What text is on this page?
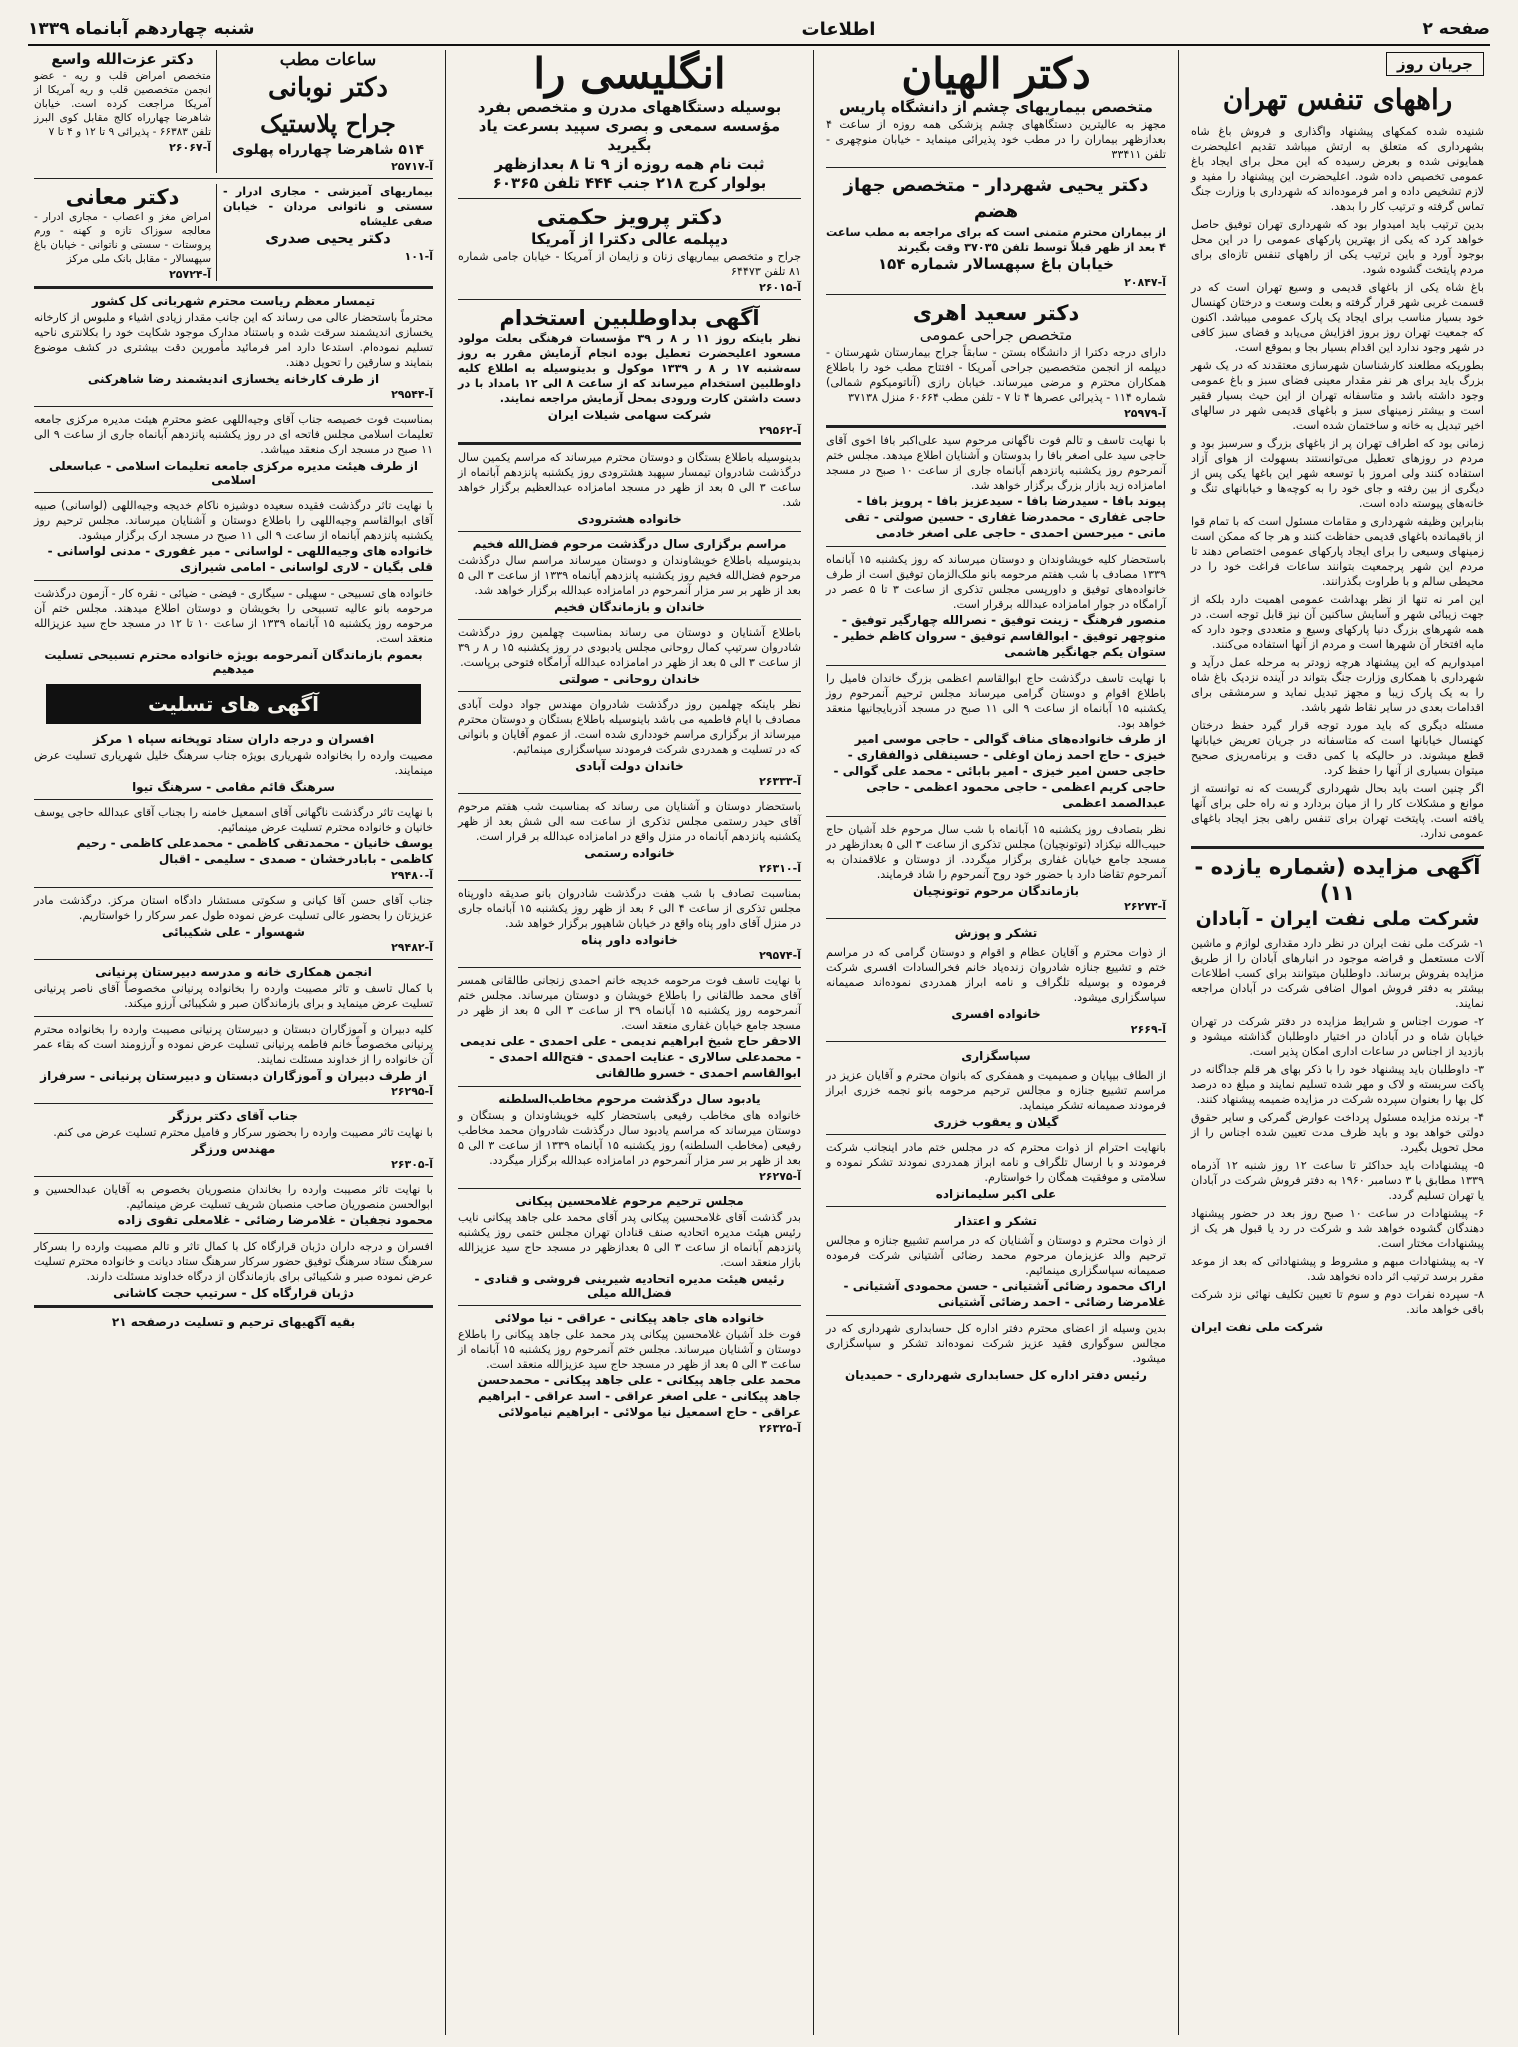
صفحه ۲
اطلاعات
شنبه چهاردهم آبانماه ۱۳۳۹
جریان روز
راههای تنفس تهران

شنیده شده کمکهای پیشنهاد واگذاری و فروش باغ شاه بشهرداری که متعلق به ارتش میباشد تقدیم اعلیحضرت همایونی شده و بعرض رسیده که این محل برای ایجاد باغ عمومی تخصیص داده شود. اعلیحضرت این پیشنهاد را مفید و لازم تشخیص داده و امر فرموده‌اند که شهرداری با وزارت جنگ تماس گرفته و ترتیب کار را بدهد.

بدین ترتیب باید امیدوار بود که شهرداری تهران توفیق حاصل خواهد کرد که یکی از بهترین پارکهای عمومی را در این محل بوجود آورد و باین ترتیب یکی از راههای تنفس تازه‌ای برای مردم پایتخت گشوده شود.

باغ شاه یکی از باغهای قدیمی و وسیع تهران است که در قسمت غربی شهر قرار گرفته و بعلت وسعت و درختان کهنسال خود بسیار مناسب برای ایجاد یک پارک عمومی میباشد. اکنون که جمعیت تهران روز بروز افزایش می‌یابد و فضای سبز کافی در شهر وجود ندارد این اقدام بسیار بجا و بموقع است.

بطوریکه مطلعند کارشناسان شهرسازی معتقدند که در یک شهر بزرگ باید برای هر نفر مقدار معینی فضای سبز و باغ عمومی وجود داشته باشد و متاسفانه تهران از این حیث بسیار فقیر است و بیشتر زمینهای سبز و باغهای قدیمی شهر در سالهای اخیر تبدیل به خانه و ساختمان شده است.

زمانی بود که اطراف تهران پر از باغهای بزرگ و سرسبز بود و مردم در روزهای تعطیل می‌توانستند بسهولت از هوای آزاد استفاده کنند ولی امروز با توسعه شهر این باغها یکی پس از دیگری از بین رفته و جای خود را به کوچه‌ها و خیابانهای تنگ و خانه‌های پیوسته داده است.

بنابراین وظیفه شهرداری و مقامات مسئول است که با تمام قوا از باقیمانده باغهای قدیمی حفاظت کنند و هر جا که ممکن است زمینهای وسیعی را برای ایجاد پارکهای عمومی اختصاص دهند تا مردم این شهر پرجمعیت بتوانند ساعات فراغت خود را در محیطی سالم و با طراوت بگذرانند.

این امر نه تنها از نظر بهداشت عمومی اهمیت دارد بلکه از جهت زیبائی شهر و آسایش ساکنین آن نیز قابل توجه است. در همه شهرهای بزرگ دنیا پارکهای وسیع و متعددی وجود دارد که مایه افتخار آن شهرها است و مردم از آنها استفاده می‌کنند.

امیدواریم که این پیشنهاد هرچه زودتر به مرحله عمل درآید و شهرداری با همکاری وزارت جنگ بتواند در آینده نزدیک باغ شاه را به یک پارک زیبا و مجهز تبدیل نماید و سرمشقی برای اقدامات بعدی در سایر نقاط شهر باشد.

مسئله دیگری که باید مورد توجه قرار گیرد حفظ درختان کهنسال خیابانها است که متاسفانه در جریان تعریض خیابانها قطع میشوند. در حالیکه با کمی دقت و برنامه‌ریزی صحیح میتوان بسیاری از آنها را حفظ کرد.

اگر چنین است باید بحال شهرداری گریست که نه توانسته از موانع و مشکلات کار را از میان بردارد و نه راه حلی برای آنها یافته است. پایتخت تهران برای تنفس راهی بجز ایجاد باغهای عمومی ندارد.

آگهی مزایده (شماره یازده - ۱۱)
شرکت ملی نفت ایران - آبادان

۱- شرکت ملی نفت ایران در نظر دارد مقداری لوازم و ماشین آلات مستعمل و قراضه موجود در انبارهای آبادان را از طریق مزایده بفروش برساند. داوطلبان میتوانند برای کسب اطلاعات بیشتر به دفتر فروش اموال اضافی شرکت در آبادان مراجعه نمایند.

۲- صورت اجناس و شرایط مزایده در دفتر شرکت در تهران خیابان شاه و در آبادان در اختیار داوطلبان گذاشته میشود و بازدید از اجناس در ساعات اداری امکان پذیر است.

۳- داوطلبان باید پیشنهاد خود را با ذکر بهای هر قلم جداگانه در پاکت سربسته و لاک و مهر شده تسلیم نمایند و مبلغ ده درصد کل بها را بعنوان سپرده شرکت در مزایده ضمیمه پیشنهاد کنند.

۴- برنده مزایده مسئول پرداخت عوارض گمرکی و سایر حقوق دولتی خواهد بود و باید ظرف مدت تعیین شده اجناس را از محل تحویل بگیرد.

۵- پیشنهادات باید حداکثر تا ساعت ۱۲ روز شنبه ۱۲ آذرماه ۱۳۳۹ مطابق با ۳ دسامبر ۱۹۶۰ به دفتر فروش شرکت در آبادان یا تهران تسلیم گردد.

۶- پیشنهادات در ساعت ۱۰ صبح روز بعد در حضور پیشنهاد دهندگان گشوده خواهد شد و شرکت در رد یا قبول هر یک از پیشنهادات مختار است.

۷- به پیشنهادات مبهم و مشروط و پیشنهاداتی که بعد از موعد مقرر برسد ترتیب اثر داده نخواهد شد.

۸- سپرده نفرات دوم و سوم تا تعیین تکلیف نهائی نزد شرکت باقی خواهد ماند.

شرکت ملی نفت ایران
دکتر الهیان
متخصص بیماریهای چشم از دانشگاه پاریس
مجهز به عالیترین دستگاههای چشم پزشکی همه روزه از ساعت ۴ بعدازظهر بیماران را در مطب خود پذیرائی مینماید - خیابان منوچهری - تلفن ۳۳۴۱۱
دکتر یحیی شهردار - متخصص جهاز هضم
از بیماران محترم متمنی است که برای مراجعه به مطب ساعت ۴ بعد از ظهر قبلاً توسط تلفن ۳۷۰۳۵ وقت بگیرند
خیابان باغ سپهسالار شماره ۱۵۴
آ-۲۰۸۴۷
دکتر سعید اهری
متخصص جراحی عمومی
دارای درجه دکترا از دانشگاه بستن - سابقاً جراح بیمارستان شهرستان - دیپلمه از انجمن متخصصین جراحی آمریکا - افتتاح مطب خود را باطلاع همکاران محترم و مرضی میرساند. خیابان رازی (آناتومیکوم شمالی) شماره ۱۱۴ - پذیرائی عصرها ۴ تا ۷ - تلفن مطب ۶۰۶۶۴ منزل ۳۷۱۳۸
آ-۲۵۹۷۹
با نهایت تاسف و تالم فوت ناگهانی مرحوم سید علی‌اکبر بافا اخوی آقای حاجی سید علی اصغر بافا را بدوستان و آشنایان اطلاع میدهد. مجلس ختم آنمرحوم روز یکشنبه پانزدهم آبانماه جاری از ساعت ۱۰ صبح در مسجد امامزاده زید بازار بزرگ برگزار خواهد شد.
پیوند بافا - سیدرضا بافا - سیدعزیز بافا - پرویز بافا - حاجی غفاری - محمدرضا غفاری - حسین صولتی - تقی مانی - میرحسن احمدی - حاجی علی اصغر خادمی
باستحضار کلیه خویشاوندان و دوستان میرساند که روز یکشنبه ۱۵ آبانماه ۱۳۳۹ مصادف با شب هفتم مرحومه بانو ملک‌الزمان توفیق است از طرف خانواده‌های توفیق و داورپسی مجلس تذکری از ساعت ۳ تا ۵ عصر در آرامگاه در جوار امامزاده عبدالله برقرار است.
منصور فرهنگ - زینت توفیق - نصرالله چهارگیر توفیق - منوچهر توفیق - ابوالقاسم توفیق - سروان کاظم خطیر - ستوان یکم جهانگیر هاشمی
با نهایت تاسف درگذشت حاج ابوالقاسم اعظمی بزرگ خاندان فامیل را باطلاع اقوام و دوستان گرامی میرساند مجلس ترحیم آنمرحوم روز یکشنبه ۱۵ آبانماه از ساعت ۹ الی ۱۱ صبح در مسجد آذربایجانیها منعقد خواهد بود.
از طرف خانواده‌های مناف گوالی - حاجی موسی امیر خیزی - حاج احمد زمان اوغلی - حسینقلی ذوالفقاری - حاجی حسن امیر خیزی - امیر بابائی - محمد علی گوالی - حاجی کریم اعظمی - حاجی محمود اعظمی - حاجی عبدالصمد اعظمی
نظر بتصادف روز یکشنبه ۱۵ آبانماه با شب سال مرحوم خلد آشیان حاج حبیب‌الله نیکزاد (توتونچیان) مجلس تذکری از ساعت ۳ الی ۵ بعدازظهر در مسجد جامع خیابان غفاری برگزار میگردد. از دوستان و علاقمندان به آنمرحوم تقاضا دارد با حضور خود روح آنمرحوم را شاد فرمایند.
بازماندگان مرحوم توتونچیان
آ-۲۶۲۷۳
تشکر و پوزش
از ذوات محترم و آقایان عظام و اقوام و دوستان گرامی که در مراسم ختم و تشییع جنازه شادروان زنده‌یاد خانم فخرالسادات افسری شرکت فرموده و بوسیله تلگراف و نامه ابراز همدردی نموده‌اند صمیمانه سپاسگزاری میشود.
خانواده افسری
آ-۲۶۶۹
سپاسگزاری
از الطاف بیپایان و صمیمیت و همفکری که بانوان محترم و آقایان عزیز در مراسم تشییع جنازه و مجالس ترحیم مرحومه بانو نجمه خزری ابراز فرمودند صمیمانه تشکر مینماید.
گیلان و یعقوب خزری
بانهایت احترام از ذوات محترم که در مجلس ختم مادر اینجانب شرکت فرمودند و با ارسال تلگراف و نامه ابراز همدردی نمودند تشکر نموده و سلامتی و موفقیت همگان را خواستارم.
علی اکبر سلیمانزاده
تشکر و اعتذار
از ذوات محترم و دوستان و آشنایان که در مراسم تشییع جنازه و مجالس ترحیم والد عزیزمان مرحوم محمد رضائی آشتیانی شرکت فرموده صمیمانه سپاسگزاری مینمائیم.
اراک محمود رضائی آشتیانی - حسن محمودی آشتیانی - غلامرضا رضائی - احمد رضائی آشتیانی
بدین وسیله از اعضای محترم دفتر اداره کل حسابداری شهرداری که در مجالس سوگواری فقید عزیز شرکت نموده‌اند تشکر و سپاسگزاری میشود.
رئیس دفتر اداره کل حسابداری شهرداری - حمیدیان
انگلیسی را
بوسیله دستگاههای مدرن و متخصص بفرد
مؤسسه سمعی و بصری سپید بسرعت یاد بگیرید
ثبت نام همه روزه از ۹ تا ۸ بعدازظهر
بولوار کرج ۲۱۸ جنب ۴۴۴ تلفن ۶۰۳۶۵
دکتر پرویز حکمتی
دیپلمه عالی دکترا از آمریکا
جراح و متخصص بیماریهای زنان و زایمان از آمریکا - خیابان جامی شماره ۸۱ تلفن ۶۴۴۷۳
آ-۲۶۰۱۵
آگهی بداوطلبین استخدام
نظر باینکه روز ۱۱ ر ۸ ر ۳۹ مؤسسات فرهنگی بعلت مولود مسعود اعلیحضرت تعطیل بوده انجام آزمایش مقرر به روز سه‌شنبه ۱۷ ر ۸ ر ۱۳۳۹ موکول و بدینوسیله به اطلاع کلیه داوطلبین استخدام میرساند که از ساعت ۸ الی ۱۲ بامداد با در دست داشتن کارت ورودی بمحل آزمایش مراجعه نمایند.
شرکت سهامی شیلات ایران
آ-۲۹۵۶۲
بدینوسیله باطلاع بستگان و دوستان محترم میرساند که مراسم یکمین سال درگذشت شادروان تیمسار سپهبد هشترودی روز یکشنبه پانزدهم آبانماه از ساعت ۳ الی ۵ بعد از ظهر در مسجد امامزاده عبدالعظیم برگزار خواهد شد.
خانواده هشترودی
مراسم برگزاری سال درگذشت مرحوم فضل‌الله فخیم
بدینوسیله باطلاع خویشاوندان و دوستان میرساند مراسم سال درگذشت مرحوم فضل‌الله فخیم روز یکشنبه پانزدهم آبانماه ۱۳۳۹ از ساعت ۳ الی ۵ بعد از ظهر بر سر مزار آنمرحوم در امامزاده عبدالله برگزار خواهد شد.
خاندان و بازماندگان فخیم
باطلاع آشنایان و دوستان می رساند بمناسبت چهلمین روز درگذشت شادروان سرتیپ کمال روحانی مجلس یادبودی در روز یکشنبه ۱۵ ر ۸ ر ۳۹ از ساعت ۳ الی ۵ بعد از ظهر در امامزاده عبدالله آرامگاه فتوحی برپاست.
خاندان روحانی - صولتی
نظر باینکه چهلمین روز درگذشت شادروان مهندس جواد دولت آبادی مصادف با ایام فاطمیه می باشد باینوسیله باطلاع بستگان و دوستان محترم میرساند از برگزاری مراسم خودداری شده است. از عموم آقایان و بانوانی که در تسلیت و همدردی شرکت فرمودند سپاسگزاری مینمائیم.
خاندان دولت آبادی
آ-۲۶۳۳۳
باستحضار دوستان و آشنایان می رساند که بمناسبت شب هفتم مرحوم آقای حیدر رستمی مجلس تذکری از ساعت سه الی شش بعد از ظهر یکشنبه پانزدهم آبانماه در منزل واقع در امامزاده عبدالله بر قرار است.
خانواده رستمی
آ-۲۶۳۱۰
بمناسبت تصادف با شب هفت درگذشت شادروان بانو صدیقه داورپناه مجلس تذکری از ساعت ۴ الی ۶ بعد از ظهر روز یکشنبه ۱۵ آبانماه جاری در منزل آقای داور پناه واقع در خیابان شاهپور برگزار خواهد شد.
خانواده داور پناه
آ-۲۹۵۷۴
با نهایت تاسف فوت مرحومه خدیجه خانم احمدی زنجانی طالقانی همسر آقای محمد طالقانی را باطلاع خویشان و دوستان میرساند. مجلس ختم آنمرحومه روز یکشنبه ۱۵ آبانماه ۳۹ از ساعت ۳ الی ۵ بعد از ظهر در مسجد جامع خیابان غفاری منعقد است.
الاحقر حاج شیخ ابراهیم ندیمی - علی احمدی - علی ندیمی - محمدعلی سالاری - عنایت احمدی - فتح‌الله احمدی - ابوالقاسم احمدی - خسرو طالقانی
یادبود سال درگذشت مرحوم مخاطب‌السلطنه
خانواده های مخاطب رفیعی باستحضار کلیه خویشاوندان و بستگان و دوستان میرساند که مراسم یادبود سال درگذشت شادروان محمد مخاطب رفیعی (مخاطب السلطنه) روز یکشنبه ۱۵ آبانماه ۱۳۳۹ از ساعت ۳ الی ۵ بعد از ظهر بر سر مزار آنمرحوم در امامزاده عبدالله برگزار میگردد.
آ-۲۶۲۷۵
مجلس ترحیم مرحوم غلامحسین پیکانی
بدر گذشت آقای غلامحسین پیکانی پدر آقای محمد علی جاهد پیکانی نایب رئیس هیئت مدیره اتحادیه صنف قنادان تهران مجلس ختمی روز یکشنبه پانزدهم آبانماه از ساعت ۳ الی ۵ بعدازظهر در مسجد حاج سید عزیزالله بازار منعقد است.
رئیس هیئت مدیره اتحادیه شیرینی فروشی و قنادی - فضل‌الله میلی
خانواده های جاهد پیکانی - عراقی - نیا مولائی
فوت خلد آشیان غلامحسین پیکانی پدر محمد علی جاهد پیکانی را باطلاع دوستان و آشنایان میرساند. مجلس ختم آنمرحوم روز یکشنبه ۱۵ آبانماه از ساعت ۳ الی ۵ بعد از ظهر در مسجد حاج سید عزیزالله منعقد است.
محمد علی جاهد پیکانی - علی جاهد پیکانی - محمدحسن جاهد پیکانی - علی اصغر عراقی - اسد عراقی - ابراهیم عراقی - حاج اسمعیل نیا مولائی - ابراهیم نیامولائی
آ-۲۶۳۲۵
ساعات مطب
دکتر نوبانی
جراح پلاستیک
۵۱۴ شاهرضا چهارراه پهلوی
آ-۲۵۷۱۷
دکتر عزت‌الله واسع
متخصص امراض قلب و ریه - عضو انجمن متخصصین قلب و ریه آمریکا از آمریکا مراجعت کرده است. خیابان شاهرضا چهارراه کالج مقابل کوی البرز تلفن ۶۶۳۸۳ - پذیرائی ۹ تا ۱۲ و ۴ تا ۷
آ-۲۶۰۶۷
بیماریهای آمیزشی - مجاری ادرار - سستی و ناتوانی مردان - خیابان صفی علیشاه
دکتر یحیی صدری
آ-۱۰۱
دکتر معانی
امراض مغز و اعصاب - مجاری ادرار - معالجه سوزاک تازه و کهنه - ورم پروستات - سستی و ناتوانی - خیابان باغ سپهسالار - مقابل بانک ملی مرکز
آ-۲۵۷۲۴
تیمسار معظم ریاست محترم شهربانی کل کشور
محترماً باستحضار عالی می رساند که این جانب مقدار زیادی اشیاء و ملبوس از کارخانه یخسازی اندیشمند سرقت شده و باستناد مدارک موجود شکایت خود را بکلانتری ناحیه تسلیم نموده‌ام. استدعا دارد امر فرمائید مأمورین دقت بیشتری در کشف موضوع بنمایند و سارقین را تحویل دهند.
از طرف کارخانه یخسازی اندیشمند رضا شاهرکنی
آ-۲۹۵۴۴
بمناسبت فوت خصیصه جناب آقای وجیه‌اللهی عضو محترم هیئت مدیره مرکزی جامعه تعلیمات اسلامی مجلس فاتحه ای در روز یکشنبه پانزدهم آبانماه جاری از ساعت ۹ الی ۱۱ صبح در مسجد ارک منعقد میباشد.
از طرف هیئت مدیره مرکزی جامعه تعلیمات اسلامی - عباسعلی اسلامی
با نهایت تاثر درگذشت فقیده سعیده دوشیزه ناکام خدیجه وجیه‌اللهی (لواسانی) صبیه آقای ابوالقاسم وجیه‌اللهی را باطلاع دوستان و آشنایان میرساند. مجلس ترحیم روز یکشنبه پانزدهم آبانماه از ساعت ۹ الی ۱۱ صبح در مسجد ارک برگزار میشود.
خانواده های وجیه‌اللهی - لواسانی - میر غفوری - مدنی لواسانی - قلی بگیان - لاری لواسانی - امامی شیرازی
خانواده های تسبیحی - سهیلی - سیگاری - فیضی - ضیائی - نقره کار - آزمون درگذشت مرحومه بانو عالیه تسبیحی را بخویشان و دوستان اطلاع میدهند. مجلس ختم آن مرحومه روز یکشنبه ۱۵ آبانماه ۱۳۳۹ از ساعت ۱۰ تا ۱۲ در مسجد حاج سید عزیزالله منعقد است.
بعموم بازماندگان آنمرحومه بویژه خانواده محترم تسبیحی تسلیت میدهیم
آگهی های تسلیت
افسران و درجه داران ستاد توپخانه سپاه ۱ مرکز
مصیبت وارده را بخانواده شهریاری بویژه جناب سرهنگ خلیل شهریاری تسلیت عرض مینمایند.
سرهنگ قائم مقامی - سرهنگ تیوا
با نهایت تاثر درگذشت ناگهانی آقای اسمعیل خامنه را بجناب آقای عبدالله حاجی یوسف خانیان و خانواده محترم تسلیت عرض مینمائیم.
یوسف خانیان - محمدتقی کاظمی - محمدعلی کاظمی - رحیم کاظمی - بابادرخشان - صمدی - سلیمی - اقبال
آ-۲۹۴۸۰
جناب آقای حسن آقا کیانی و سکوتی مستشار دادگاه استان مرکز. درگذشت مادر عزیزتان را بحضور عالی تسلیت عرض نموده طول عمر سرکار را خواستاریم.
شهسوار - علی شکیبائی
آ-۲۹۴۸۲
انجمن همکاری خانه و مدرسه دبیرستان پرنیانی
با کمال تاسف و تاثر مصیبت وارده را بخانواده پرنیانی مخصوصاً آقای ناصر پرنیانی تسلیت عرض مینماید و برای بازماندگان صبر و شکیبائی آرزو میکند.
کلیه دبیران و آموزگاران دبستان و دبیرستان پرنیانی مصیبت وارده را بخانواده محترم پرنیانی مخصوصاً خانم فاطمه پرنیانی تسلیت عرض نموده و آرزومند است که بقاء عمر آن خانواده را از خداوند مسئلت نمایند.
از طرف دبیران و آموزگاران دبستان و دبیرستان پرنیانی - سرفراز
آ-۲۶۲۹۵
جناب آقای دکتر برزگر
با نهایت تاثر مصیبت وارده را بحضور سرکار و فامیل محترم تسلیت عرض می کنم.
مهندس ورزگر
آ-۲۶۳۰۵
با نهایت تاثر مصیبت وارده را بخاندان منصوریان بخصوص به آقایان عبدالحسین و ابوالحسن منصوریان صاحب منصبان شریف تسلیت عرض مینمائیم.
محمود نجفیان - غلامرضا رضائی - غلامعلی تقوی زاده
افسران و درجه داران دژبان قرارگاه کل با کمال تاثر و تالم مصیبت وارده را بسرکار سرهنگ ستاد سرهنگ توفیق حضور سرکار سرهنگ ستاد دیانت و خانواده محترم تسلیت عرض نموده صبر و شکیبائی برای بازماندگان از درگاه خداوند مسئلت دارند.
دژبان قرارگاه کل - سرتیپ حجت کاشانی
بقیه آگهیهای ترحیم و تسلیت درصفحه ۲۱
